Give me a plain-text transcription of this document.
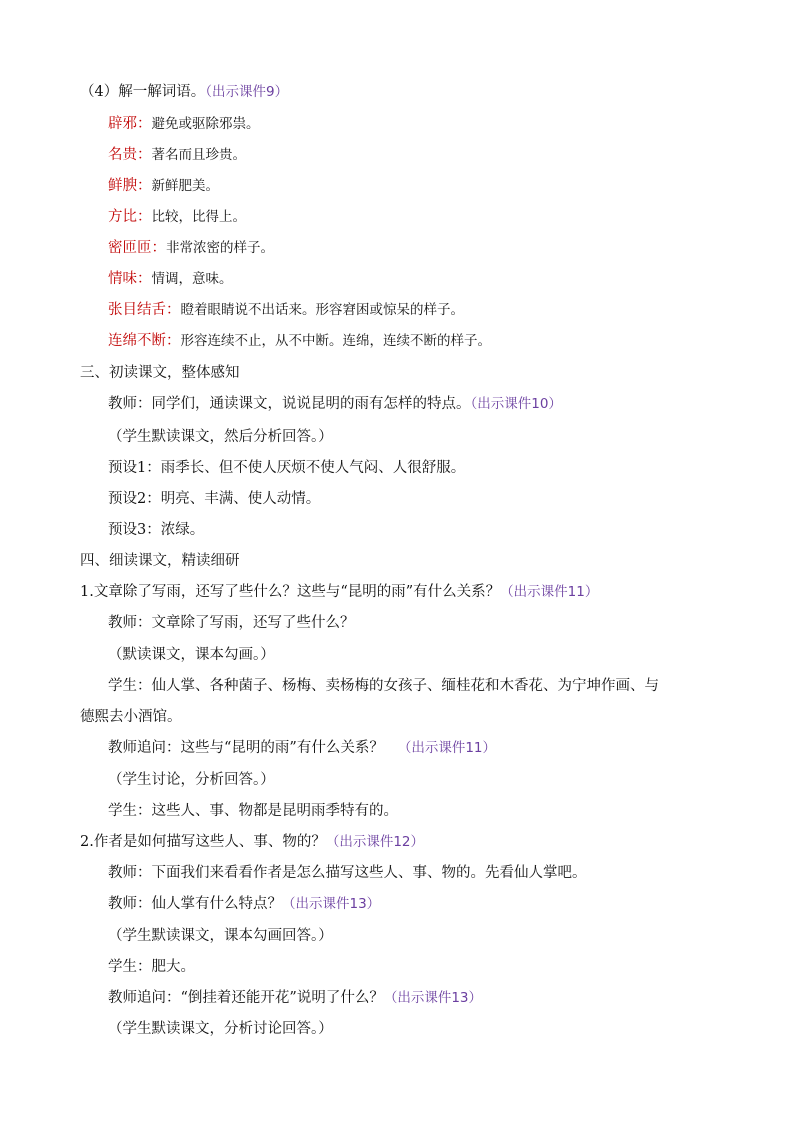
（4）解一解词语。（出示课件9）
辟邪：避免或驱除邪祟。
名贵：著名而且珍贵。
鲜腴：新鲜肥美。
方比：比较，比得上。
密匝匝：非常浓密的样子。
情味：情调，意味。
张目结舌：瞪着眼睛说不出话来。形容窘困或惊呆的样子。
连绵不断：形容连续不止，从不中断。连绵，连续不断的样子。
三、初读课文，整体感知
教师：同学们，通读课文，说说昆明的雨有怎样的特点。（出示课件10）
（学生默读课文，然后分析回答。）
预设1：雨季长、但不使人厌烦不使人气闷、人很舒服。
预设2：明亮、丰满、使人动情。
预设3：浓绿。
四、细读课文，精读细研
1.文章除了写雨，还写了些什么？这些与“昆明的雨”有什么关系？（出示课件11）
教师：文章除了写雨，还写了些什么？
（默读课文，课本勾画。）
学生：仙人掌、各种菌子、杨梅、卖杨梅的女孩子、缅桂花和木香花、为宁坤作画、与
德熙去小酒馆。
教师追问：这些与“昆明的雨”有什么关系？ （出示课件11）
（学生讨论，分析回答。）
学生：这些人、事、物都是昆明雨季特有的。
2.作者是如何描写这些人、事、物的？（出示课件12）
教师：下面我们来看看作者是怎么描写这些人、事、物的。先看仙人掌吧。
教师：仙人掌有什么特点？（出示课件13）
（学生默读课文，课本勾画回答。）
学生：肥大。
教师追问：“倒挂着还能开花”说明了什么？（出示课件13）
（学生默读课文，分析讨论回答。）
